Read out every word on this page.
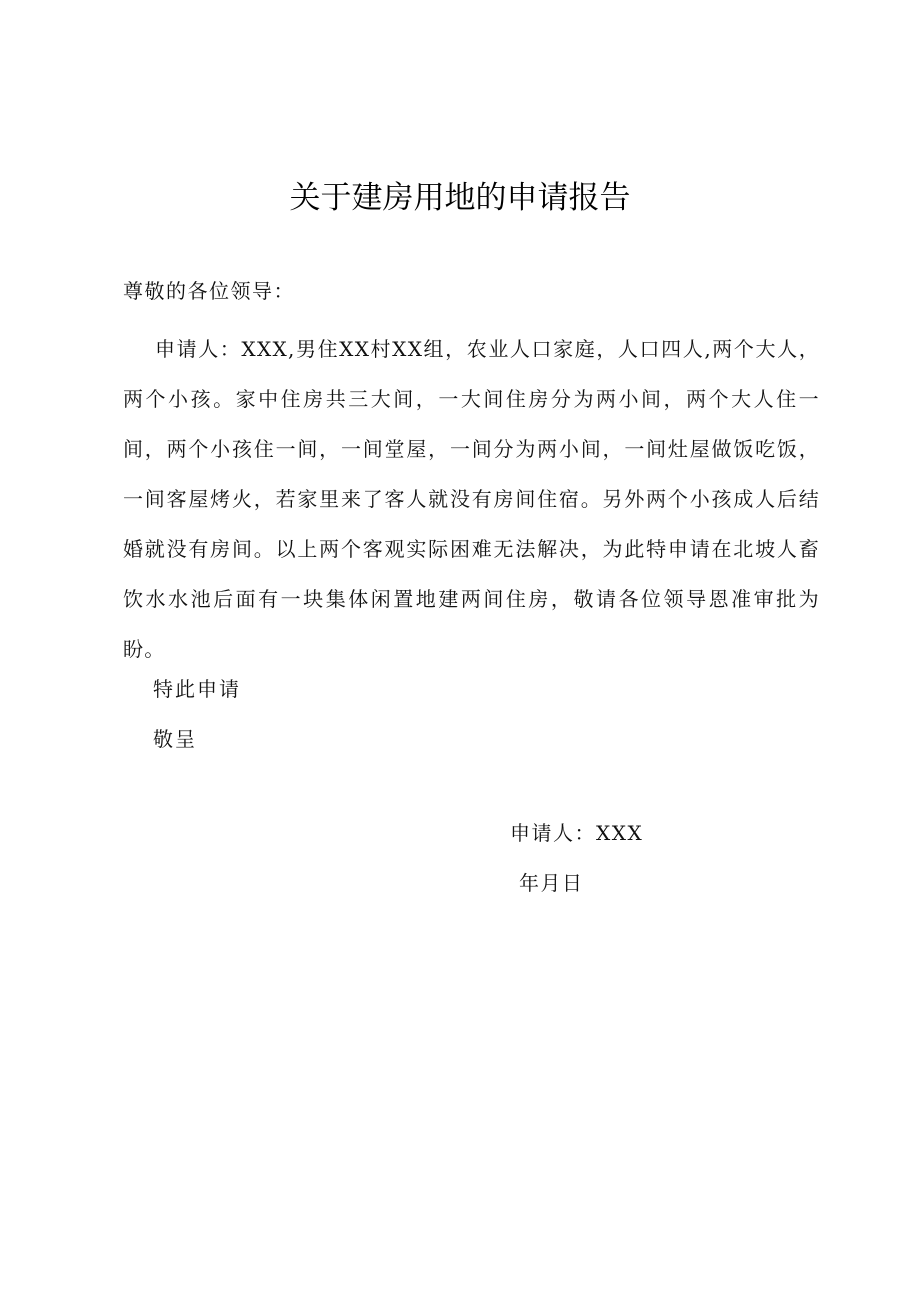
关于建房用地的申请报告
尊敬的各位领导：
申请人：XXX,男住XX村XX组，农业人口家庭，人口四人,两个大人，两个小孩。家中住房共三大间，一大间住房分为两小间，两个大人住一间，两个小孩住一间，一间堂屋，一间分为两小间，一间灶屋做饭吃饭，一间客屋烤火，若家里来了客人就没有房间住宿。另外两个小孩成人后结婚就没有房间。以上两个客观实际困难无法解决，为此特申请在北坡人畜饮水水池后面有一块集体闲置地建两间住房，敬请各位领导恩准审批为盼。
特此申请
敬呈
申请人：XXX
年月日
